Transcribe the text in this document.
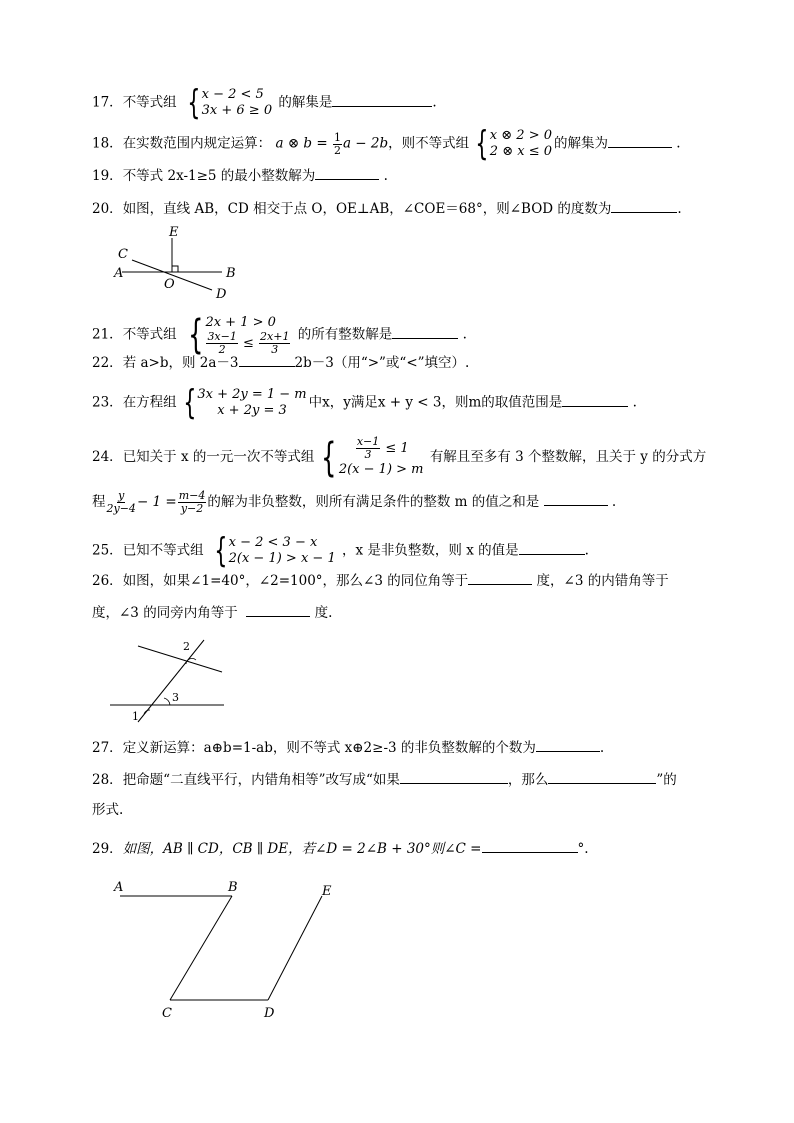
17．不等式组 { x − 2 < 5
3x + 6 ≥ 0 的解集是	.
18．在实数范围内规定运算： a ⊗ $b = \frac{1}{2}$ a − 2b，则不等式组 { x ⊗ 2 > 0
2 ⊗ x ≤ 0 的解集为	.
19．不等式 2x-1≥5 的最小整数解为	.
20．如图，直线 AB，CD 相交于点 O，OE⊥AB，∠COE＝68°，则∠BOD 的度数为	.
A	B
C
D
E
O
21．不等式组 { 2x + 1 > 0
$\frac{3x-1}{2} \le \frac{2x+1}{3}$ 的所有整数解是	.
22．若 a>b，则 2a－3	2b－3（用“>”或“<”填空）.
23．在方程组 { 3x + 2y = 1 − m
x + 2y = 3 中x，y满足x + y < 3，则m的取值范围是	.
24．已知关于 x 的一元一次不等式组 { $\frac{x-1}{3} \le 1$
2(x − 1) > m
有解且至多有 3 个整数解，且关于 y 的分式方
程 $\frac{y}{2y-4} - 1 = \frac{m-4}{y-2}$ 的解为非负整数，则所有满足条件的整数 m 的值之和是	.
25．已知不等式组 { x − 2 < 3 − x
2(x − 1) > x − 1 ，x 是非负整数，则 x 的值是	.
26．如图，如果∠1=40°，∠2=100°，那么∠3 的同位角等于	度，∠3 的内错角等于
度，∠3 的同旁内角等于	度.
2
3
1
27．定义新运算：a⊕b=1-ab，则不等式 x⊕2≥-3 的非负整数解的个数为	.
28．把命题“二直线平行，内错角相等”改写成“如果	，那么	”的
形式.
29．如图，AB ∥ CD，CB ∥ DE，若∠D = 2∠B + 30°则∠C =	°.
A	B
C	D
E
